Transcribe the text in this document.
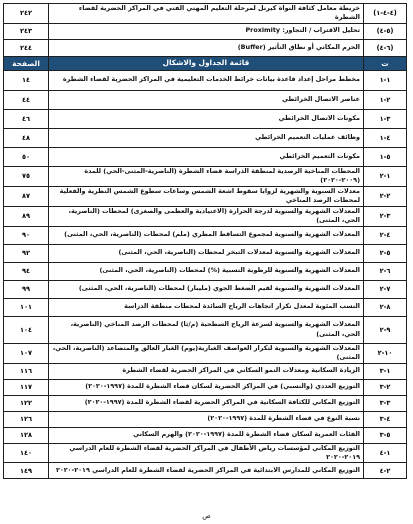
(٤-٤-١)	خريطة معامل كثافة النواة كيرنل لمرحلة التعليم المهني الفني في المراكز الحضرية لقضاء الشطرة	٢٤٢
(٥-٤)	تحليل الاقتراب / التجاور: Proximity	٢٤٣
(٦-٤)	الحرم المكاني أو نطاق التأثير (Buffer)	٢٤٤
ت	قائمة الجداول والاشكال	الصفحة
١-١	مخطط مراحل إعداد قاعدة بيانات خرائط الخدمات التعليمية في المراكز الحضرية لقضاء الشطرة	١٤
٢-١	عناصر الاتصال الخرائطي	٤٤
٣-١	مكونات الاتصال الخرائطي	٤٦
٤-١	وظائف عمليات التعميم الخرائطي	٤٨
٥-١	مكونات التعميم الخرائطي	٥٠
١-٢	المحطات المناخية الرصدية لمنطقة الدراسة قضاء الشطرة (الناصرية-المثنى-الحي) للمدة (٢٠٠٩-٢٠٢٠)	٧٥
٢-٢	معدلات السنوية والشهرية لزوايا سقوط اشعة الشمس وساعات سطوع الشمس النظرية والفعلية لمحطات الرصد المناخي	٨٧
٣-٢	المعدلات الشهرية والسنوية لدرجة الحرارة (الاعتيادية والعظمى والصغرى) لمحطات (الناصرية، الحي، المثنى)	٨٩
٤-٢	المعدلات الشهرية والسنوية لمجموع التساقط المطري (ملم) لمحطات (الناصرية، الحي، المثنى)	٩٠
٥-٢	المعدلات الشهرية والسنوية لمعدلات التبخر لمحطات (الناصرية، الحي، المثنى)	٩٢
٦-٢	المعدلات الشهرية والسنوية للرطوبة النسبية (%) لمحطات (الناصرية، الحي، المثنى)	٩٤
٧-٢	المعدلات الشهرية والسنوية لقيم الضغط الجوي (مليبار) لمحطات (الناصرية، الحي، المثنى)	٩٩
٨-٢	النسب المئوية لمعدل تكرار اتجاهات الرياح السائدة لمحطات منطقة الدراسة	١٠١
٩-٢	المعدلات الشهرية والسنوية لسرعة الرياح السطحية (م/ثا) لمحطات الرصد المناخي (الناصرية، الحي، المثنى)	١٠٤
١٠-٢	المعدلات الشهرية والسنوية لتكرار العواصف الغبارية(يوم) الغبار العالق والمتصاعد (الناصرية، الحي، المثنى)	١٠٧
١-٣	الزيادة السكانية ومعدلات النمو السكاني في المراكز الحضرية لقضاء الشطرة	١١٦
٢-٣	التوزيع العددي (والنسبي) في المراكز الحضرية لسكان قضاء الشطرة للمدة (١٩٩٧-٢٠٢٠)	١١٧
٣-٣	التوزيع المكاني للكثافة السكانية في المراكز الحضرية لقضاء الشطرة للمدة (١٩٩٧-٢٠٢٠)	١٢٢
٤-٣	نسبة النوع في قضاء الشطرة للمدة (١٩٩٧-٢٠٢٠)	١٢٦
٥-٣	الفئات العمرية لسكان قضاء الشطرة للمدة (١٩٩٧-٢٠٢٠) والهرم السكاني	١٢٨
١-٤	التوزيع المكاني لمؤسسات رياض الأطفال في المراكز الحضرية لقضاء الشطرة للعام الدراسي ٢٠١٩-٢٠٢٠	١٤٠
٢-٤	التوزيع المكاني للمدارس الابتدائية في المراكز الحضرية لقضاء الشطرة للعام الدراسي ٢٠١٩-٢٠٢٠	١٤٩
ص
